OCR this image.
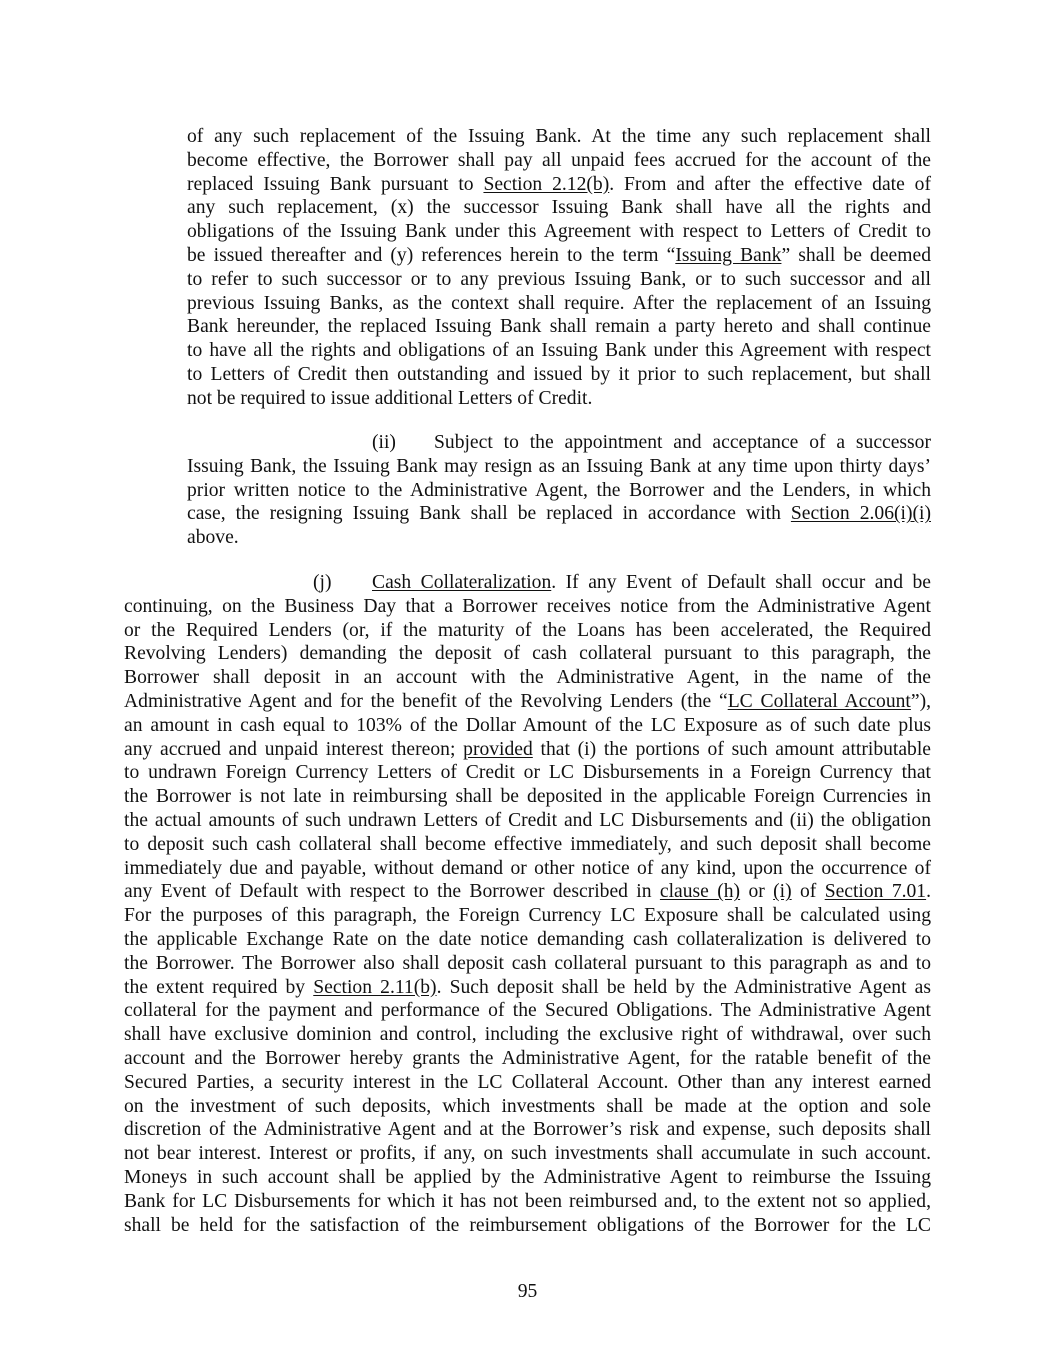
of any such replacement of the Issuing Bank. At the time any such replacement shall
become effective, the Borrower shall pay all unpaid fees accrued for the account of the
replaced Issuing Bank pursuant to Section 2.12(b). From and after the effective date of
any such replacement, (x) the successor Issuing Bank shall have all the rights and
obligations of the Issuing Bank under this Agreement with respect to Letters of Credit to
be issued thereafter and (y) references herein to the term “Issuing Bank” shall be deemed
to refer to such successor or to any previous Issuing Bank, or to such successor and all
previous Issuing Banks, as the context shall require. After the replacement of an Issuing
Bank hereunder, the replaced Issuing Bank shall remain a party hereto and shall continue
to have all the rights and obligations of an Issuing Bank under this Agreement with respect
to Letters of Credit then outstanding and issued by it prior to such replacement, but shall
not be required to issue additional Letters of Credit.
(ii) Subject to the appointment and acceptance of a successor
Issuing Bank, the Issuing Bank may resign as an Issuing Bank at any time upon thirty days’
prior written notice to the Administrative Agent, the Borrower and the Lenders, in which
case, the resigning Issuing Bank shall be replaced in accordance with Section 2.06(i)(i)
above.
(j) Cash Collateralization. If any Event of Default shall occur and be
continuing, on the Business Day that a Borrower receives notice from the Administrative Agent
or the Required Lenders (or, if the maturity of the Loans has been accelerated, the Required
Revolving Lenders) demanding the deposit of cash collateral pursuant to this paragraph, the
Borrower shall deposit in an account with the Administrative Agent, in the name of the
Administrative Agent and for the benefit of the Revolving Lenders (the “LC Collateral Account”),
an amount in cash equal to 103% of the Dollar Amount of the LC Exposure as of such date plus
any accrued and unpaid interest thereon; provided that (i) the portions of such amount attributable
to undrawn Foreign Currency Letters of Credit or LC Disbursements in a Foreign Currency that
the Borrower is not late in reimbursing shall be deposited in the applicable Foreign Currencies in
the actual amounts of such undrawn Letters of Credit and LC Disbursements and (ii) the obligation
to deposit such cash collateral shall become effective immediately, and such deposit shall become
immediately due and payable, without demand or other notice of any kind, upon the occurrence of
any Event of Default with respect to the Borrower described in clause (h) or (i) of Section 7.01.
For the purposes of this paragraph, the Foreign Currency LC Exposure shall be calculated using
the applicable Exchange Rate on the date notice demanding cash collateralization is delivered to
the Borrower. The Borrower also shall deposit cash collateral pursuant to this paragraph as and to
the extent required by Section 2.11(b). Such deposit shall be held by the Administrative Agent as
collateral for the payment and performance of the Secured Obligations. The Administrative Agent
shall have exclusive dominion and control, including the exclusive right of withdrawal, over such
account and the Borrower hereby grants the Administrative Agent, for the ratable benefit of the
Secured Parties, a security interest in the LC Collateral Account. Other than any interest earned
on the investment of such deposits, which investments shall be made at the option and sole
discretion of the Administrative Agent and at the Borrower’s risk and expense, such deposits shall
not bear interest. Interest or profits, if any, on such investments shall accumulate in such account.
Moneys in such account shall be applied by the Administrative Agent to reimburse the Issuing
Bank for LC Disbursements for which it has not been reimbursed and, to the extent not so applied,
shall be held for the satisfaction of the reimbursement obligations of the Borrower for the LC
95
